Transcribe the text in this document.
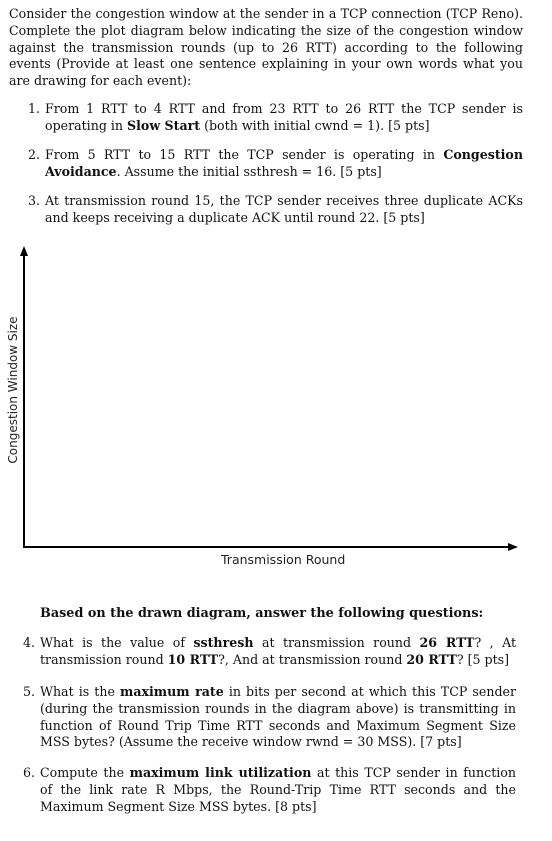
Consider the congestion window at the sender in a TCP connection (TCP Reno). Complete the plot diagram below indicating the size of the congestion window against the transmission rounds (up to 26 RTT) according to the following events (Provide at least one sentence explaining in your own words what you are drawing for each event):
1. From 1 RTT to 4 RTT and from 23 RTT to 26 RTT the TCP sender is operating in Slow Start (both with initial cwnd = 1). [5 pts]
2. From 5 RTT to 15 RTT the TCP sender is operating in Congestion Avoidance. Assume the initial ssthresh = 16. [5 pts]
3. At transmission round 15, the TCP sender receives three duplicate ACKs and keeps receiving a duplicate ACK until round 22. [5 pts]
Congestion Window Size
Transmission Round
Based on the drawn diagram, answer the following questions:
4. What is the value of ssthresh at transmission round 26 RTT? , At transmission round 10 RTT?, And at transmission round 20 RTT? [5 pts]
5. What is the maximum rate in bits per second at which this TCP sender (during the transmission rounds in the diagram above) is transmitting in function of Round Trip Time RTT seconds and Maximum Segment Size MSS bytes? (Assume the receive window rwnd = 30 MSS). [7 pts]
6. Compute the maximum link utilization at this TCP sender in function of the link rate R Mbps, the Round-Trip Time RTT seconds and the Maximum Segment Size MSS bytes. [8 pts]
